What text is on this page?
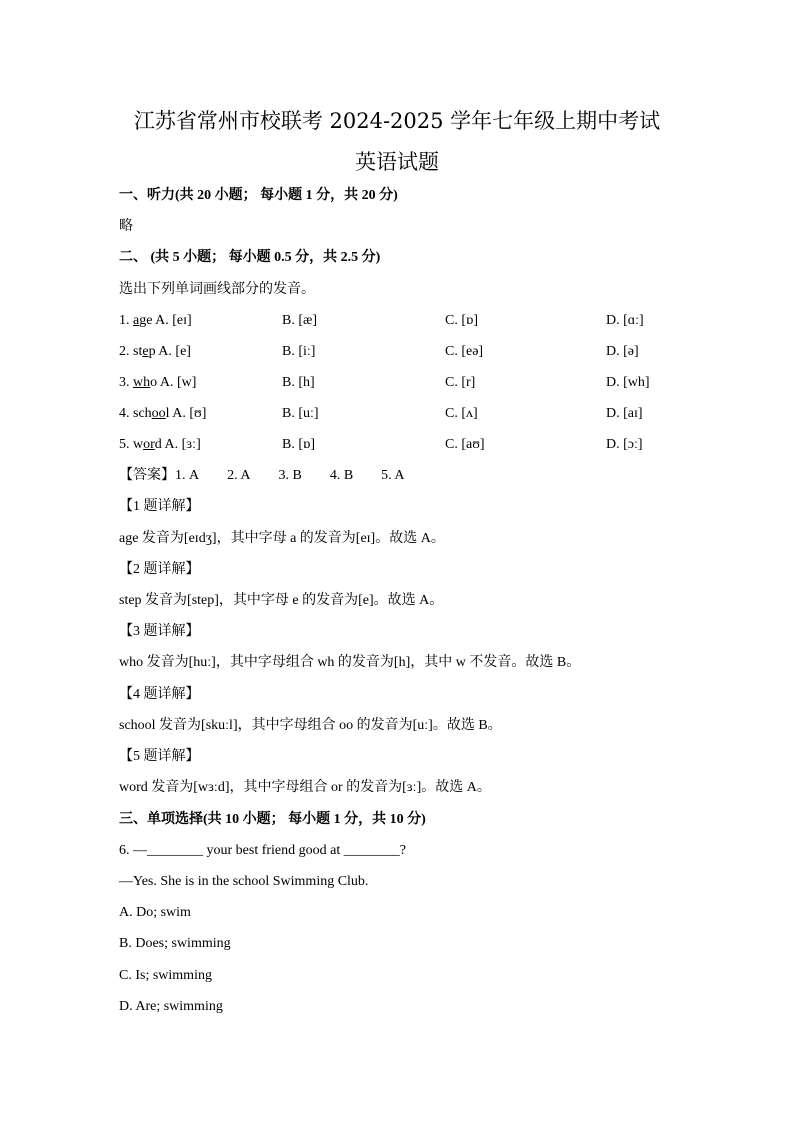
江苏省常州市校联考 2024-2025 学年七年级上期中考试
英语试题
一、听力(共 20 小题； 每小题 1 分，共 20 分)
略
二、 (共 5 小题； 每小题 0.5 分，共 2.5 分)
选出下列单词画线部分的发音。
1. age A. [eɪ]	B. [æ]	C. [ɒ]	D. [ɑː]
2. step A. [e]	B. [iː]	C. [eə]	D. [ə]
3. who A. [w]	B. [h]	C. [r]	D. [wh]
4. school A. [ʊ]	B. [uː]	C. [ʌ]	D. [aɪ]
5. word A. [ɜː]	B. [ɒ]	C. [aʊ]	D. [ɔː]
【答案】1. A 2. A 3. B 4. B 5. A
【1 题详解】
age 发音为[eɪdʒ]，其中字母 a 的发音为[eɪ]。故选 A。
【2 题详解】
step 发音为[step]，其中字母 e 的发音为[e]。故选 A。
【3 题详解】
who 发音为[huː]，其中字母组合 wh 的发音为[h]，其中 w 不发音。故选 B。
【4 题详解】
school 发音为[skuːl]，其中字母组合 oo 的发音为[uː]。故选 B。
【5 题详解】
word 发音为[wɜːd]，其中字母组合 or 的发音为[ɜː]。故选 A。
三、单项选择(共 10 小题； 每小题 1 分，共 10 分)
6. —________ your best friend good at ________?
—Yes. She is in the school Swimming Club.
A. Do; swim
B. Does; swimming
C. Is; swimming
D. Are; swimming
